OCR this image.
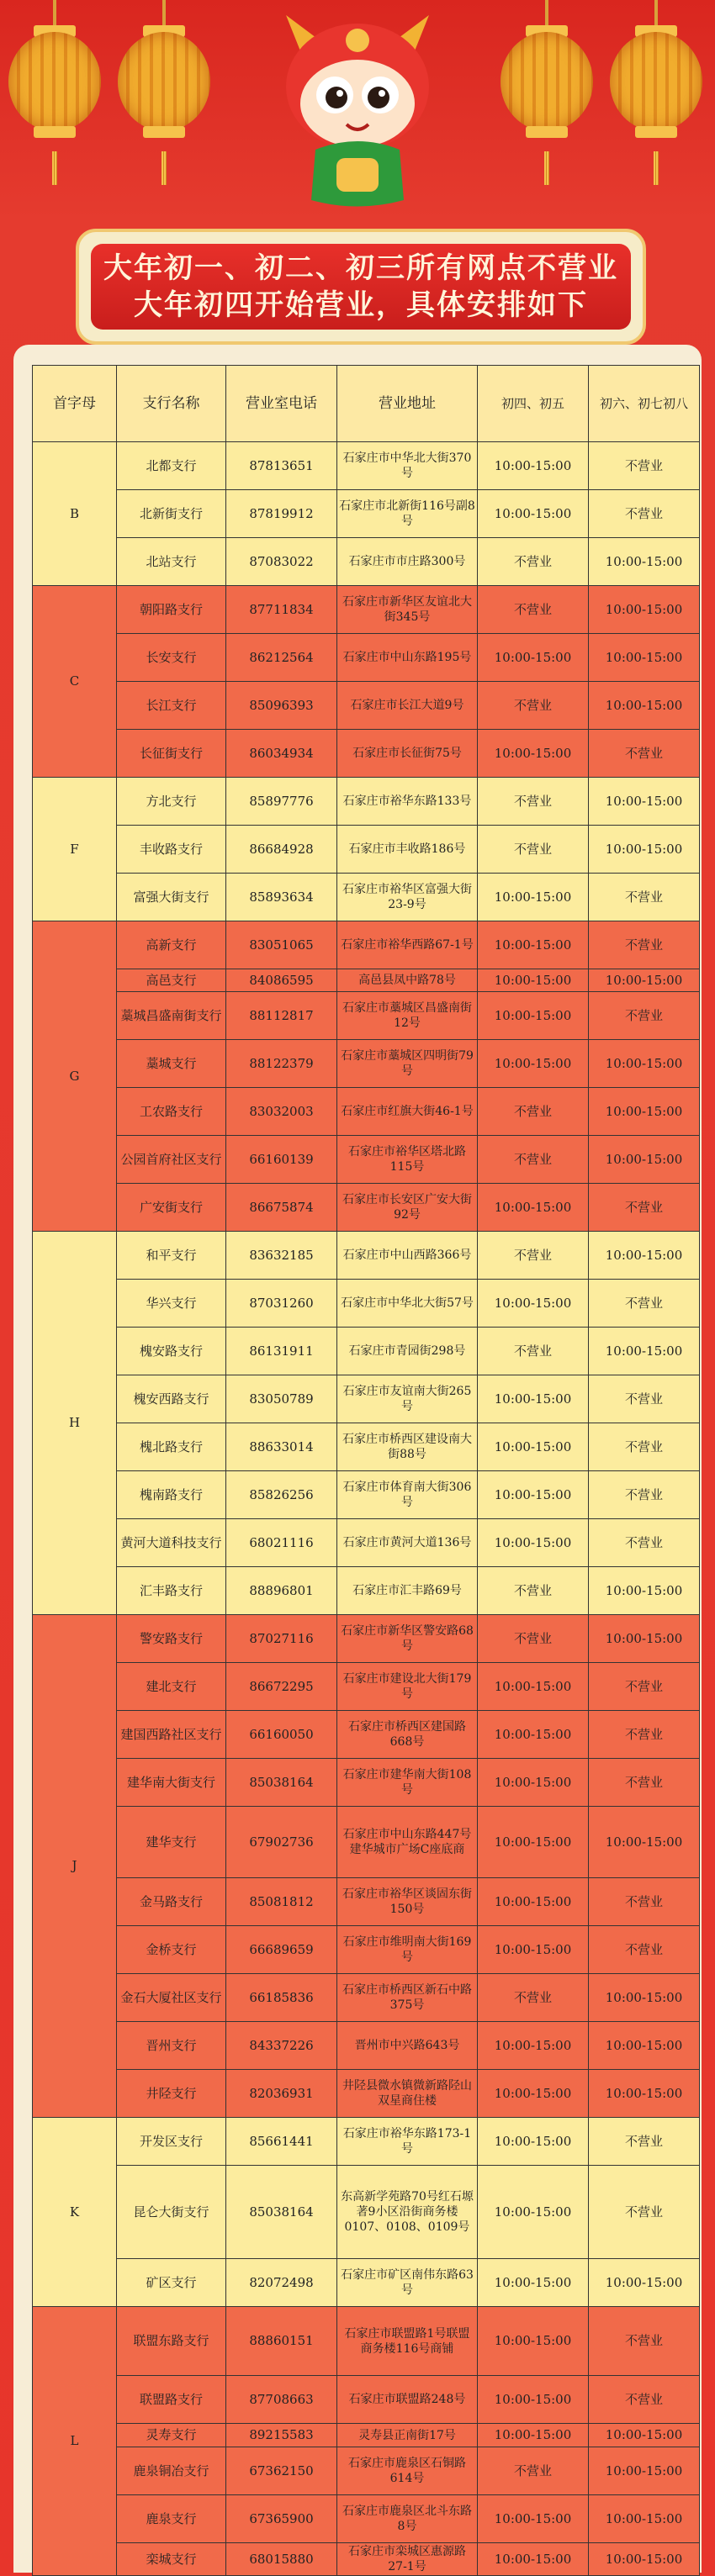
大年初一、初二、初三所有网点不营业
大年初四开始营业，具体安排如下
首字母	支行名称	营业室电话	营业地址	初四、初五	初六、初七初八
B	北都支行	87813651	石家庄市中华北大街370号	10:00-15:00	不营业
	北新街支行	87819912	石家庄市北新街116号副8号	10:00-15:00	不营业
	北站支行	87083022	石家庄市市庄路300号	不营业	10:00-15:00
C	朝阳路支行	87711834	石家庄市新华区友谊北大街345号	不营业	10:00-15:00
	长安支行	86212564	石家庄市中山东路195号	10:00-15:00	10:00-15:00
	长江支行	85096393	石家庄市长江大道9号	不营业	10:00-15:00
	长征街支行	86034934	石家庄市长征街75号	10:00-15:00	不营业
F	方北支行	85897776	石家庄市裕华东路133号	不营业	10:00-15:00
	丰收路支行	86684928	石家庄市丰收路186号	不营业	10:00-15:00
	富强大街支行	85893634	石家庄市裕华区富强大街23-9号	10:00-15:00	不营业
G	高新支行	83051065	石家庄市裕华西路67-1号	10:00-15:00	不营业
	高邑支行	84086595	高邑县凤中路78号	10:00-15:00	10:00-15:00
	藁城昌盛南街支行	88112817	石家庄市藁城区昌盛南街12号	10:00-15:00	不营业
	藁城支行	88122379	石家庄市藁城区四明街79号	10:00-15:00	10:00-15:00
	工农路支行	83032003	石家庄市红旗大街46-1号	不营业	10:00-15:00
	公园首府社区支行	66160139	石家庄市裕华区塔北路115号	不营业	10:00-15:00
	广安街支行	86675874	石家庄市长安区广安大街92号	10:00-15:00	不营业
H	和平支行	83632185	石家庄市中山西路366号	不营业	10:00-15:00
	华兴支行	87031260	石家庄市中华北大街57号	10:00-15:00	不营业
	槐安路支行	86131911	石家庄市青园街298号	不营业	10:00-15:00
	槐安西路支行	83050789	石家庄市友谊南大街265号	10:00-15:00	不营业
	槐北路支行	88633014	石家庄市桥西区建设南大街88号	10:00-15:00	不营业
	槐南路支行	85826256	石家庄市体育南大街306号	10:00-15:00	不营业
	黄河大道科技支行	68021116	石家庄市黄河大道136号	10:00-15:00	不营业
	汇丰路支行	88896801	石家庄市汇丰路69号	不营业	10:00-15:00
J	警安路支行	87027116	石家庄市新华区警安路68号	不营业	10:00-15:00
	建北支行	86672295	石家庄市建设北大街179号	10:00-15:00	不营业
	建国西路社区支行	66160050	石家庄市桥西区建国路668号	10:00-15:00	不营业
	建华南大街支行	85038164	石家庄市建华南大街108号	10:00-15:00	不营业
	建华支行	67902736	石家庄市中山东路447号建华城市广场C座底商	10:00-15:00	10:00-15:00
	金马路支行	85081812	石家庄市裕华区谈固东街150号	10:00-15:00	不营业
	金桥支行	66689659	石家庄市维明南大街169号	10:00-15:00	不营业
	金石大厦社区支行	66185836	石家庄市桥西区新石中路375号	不营业	10:00-15:00
	晋州支行	84337226	晋州市中兴路643号	10:00-15:00	10:00-15:00
	井陉支行	82036931	井陉县微水镇微新路陉山双星商住楼	10:00-15:00	10:00-15:00
K	开发区支行	85661441	石家庄市裕华东路173-1号	10:00-15:00	不营业
	昆仑大街支行	85038164	东高新学苑路70号红石塬著9小区沿街商务楼0107、0108、0109号	10:00-15:00	不营业
	矿区支行	82072498	石家庄市矿区南伟东路63号	10:00-15:00	10:00-15:00
L	联盟东路支行	88860151	石家庄市联盟路1号联盟商务楼116号商铺	10:00-15:00	不营业
	联盟路支行	87708663	石家庄市联盟路248号	10:00-15:00	不营业
	灵寿支行	89215583	灵寿县正南街17号	10:00-15:00	10:00-15:00
	鹿泉铜冶支行	67362150	石家庄市鹿泉区石铜路614号	不营业	10:00-15:00
	鹿泉支行	67365900	石家庄市鹿泉区北斗东路8号	10:00-15:00	10:00-15:00
	栾城支行	68015880	石家庄市栾城区惠源路27-1号	10:00-15:00	10:00-15:00
